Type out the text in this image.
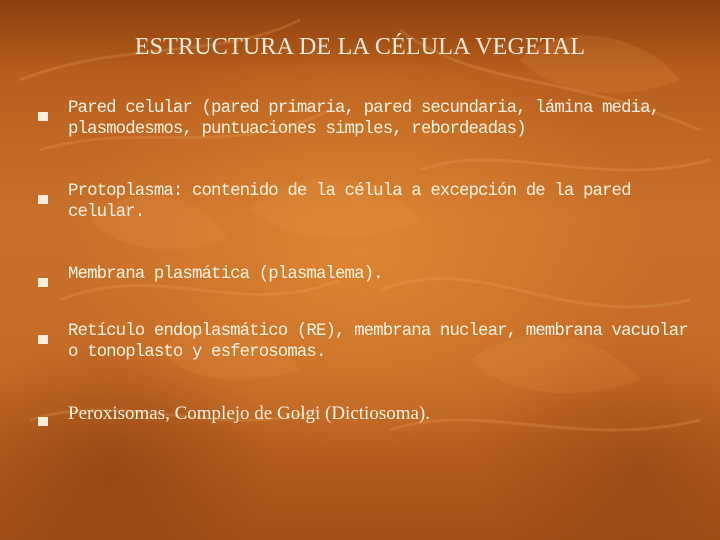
ESTRUCTURA DE LA CÉLULA VEGETAL
Pared celular (pared primaria, pared secundaria, lámina media, plasmodesmos, puntuaciones simples, rebordeadas)
Protoplasma: contenido de la célula a excepción de la pared celular.
Membrana plasmática (plasmalema).
Retículo endoplasmático (RE), membrana nuclear, membrana vacuolar o tonoplasto y esferosomas.
Peroxisomas, Complejo de Golgi (Dictiosoma).
